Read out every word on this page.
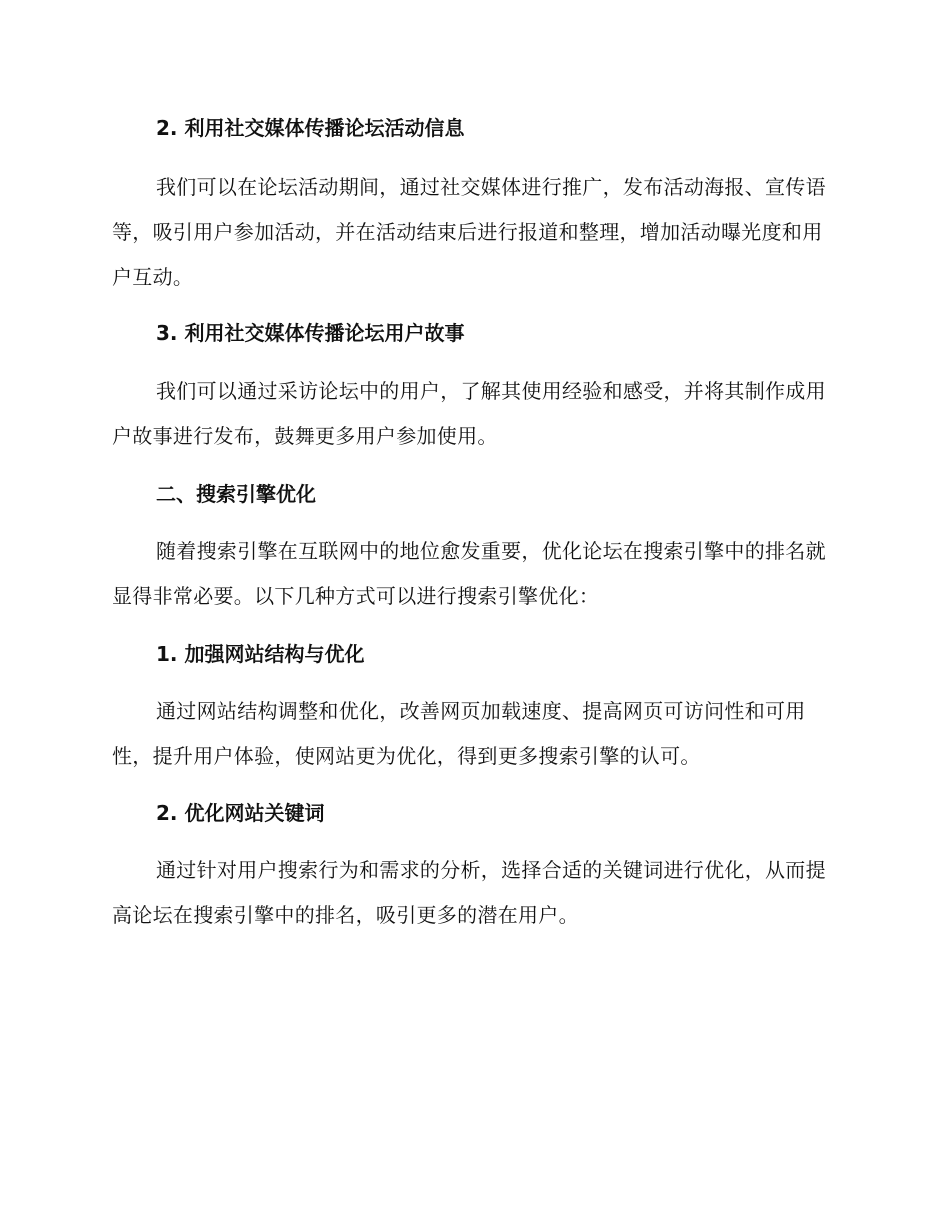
2. 利用社交媒体传播论坛活动信息
我们可以在论坛活动期间，通过社交媒体进行推广，发布活动海报、宣传语等，吸引用户参加活动，并在活动结束后进行报道和整理，增加活动曝光度和用户互动。
3. 利用社交媒体传播论坛用户故事
我们可以通过采访论坛中的用户，了解其使用经验和感受，并将其制作成用户故事进行发布，鼓舞更多用户参加使用。
二、搜索引擎优化
随着搜索引擎在互联网中的地位愈发重要，优化论坛在搜索引擎中的排名就显得非常必要。以下几种方式可以进行搜索引擎优化：
1. 加强网站结构与优化
通过网站结构调整和优化，改善网页加载速度、提高网页可访问性和可用性，提升用户体验，使网站更为优化，得到更多搜索引擎的认可。
2. 优化网站关键词
通过针对用户搜索行为和需求的分析，选择合适的关键词进行优化，从而提高论坛在搜索引擎中的排名，吸引更多的潜在用户。
